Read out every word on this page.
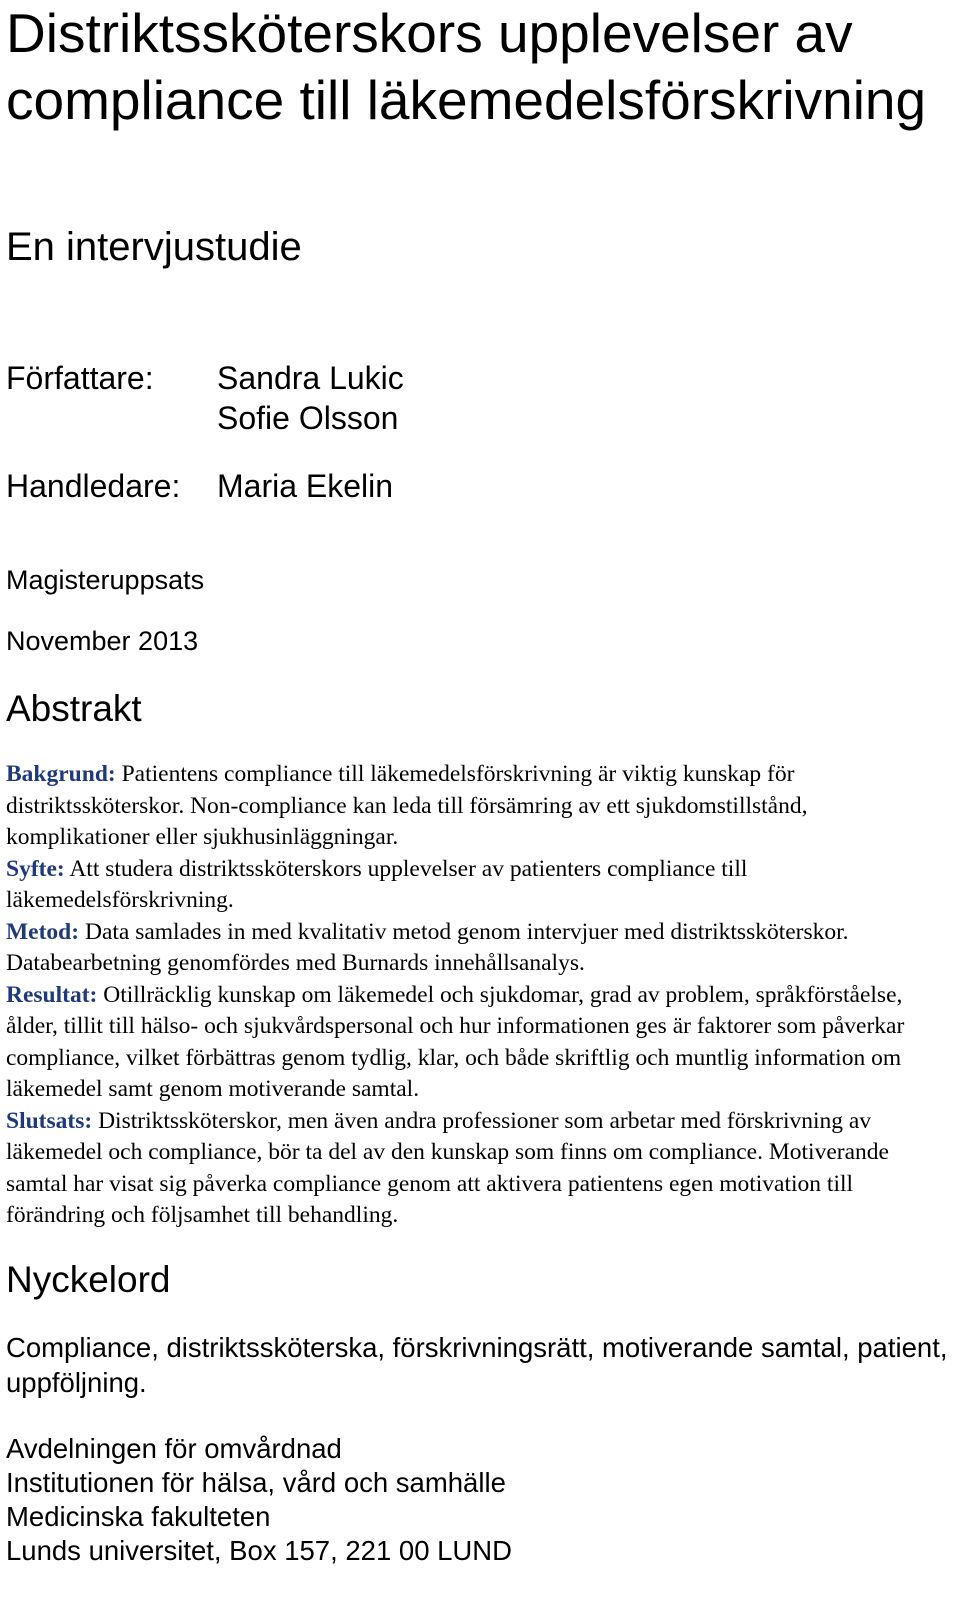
Distriktssköterskors upplevelser av compliance till läkemedelsförskrivning
En intervjustudie
Författare: Sandra Lukic
Sofie Olsson
Handledare: Maria Ekelin
Magisteruppsats
November 2013
Abstrakt

Bakgrund: Patientens compliance till läkemedelsförskrivning är viktig kunskap för distriktssköterskor. Non-compliance kan leda till försämring av ett sjukdomstillstånd, komplikationer eller sjukhusinläggningar.

Syfte: Att studera distriktssköterskors upplevelser av patienters compliance till läkemedelsförskrivning.

Metod: Data samlades in med kvalitativ metod genom intervjuer med distriktssköterskor. Databearbetning genomfördes med Burnards innehållsanalys.

Resultat: Otillräcklig kunskap om läkemedel och sjukdomar, grad av problem, språkförståelse, ålder, tillit till hälso- och sjukvårdspersonal och hur informationen ges är faktorer som påverkar compliance, vilket förbättras genom tydlig, klar, och både skriftlig och muntlig information om läkemedel samt genom motiverande samtal.

Slutsats: Distriktssköterskor, men även andra professioner som arbetar med förskrivning av läkemedel och compliance, bör ta del av den kunskap som finns om compliance. Motiverande samtal har visat sig påverka compliance genom att aktivera patientens egen motivation till förändring och följsamhet till behandling.

Nyckelord

Compliance, distriktssköterska, förskrivningsrätt, motiverande samtal, patient, uppföljning.

Avdelningen för omvårdnad
Institutionen för hälsa, vård och samhälle
Medicinska fakulteten
Lunds universitet, Box 157, 221 00 LUND
